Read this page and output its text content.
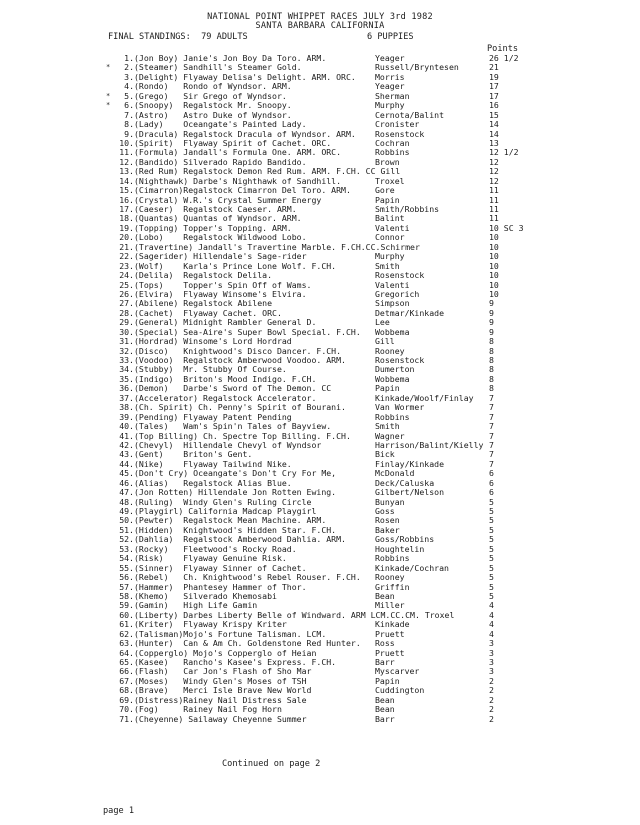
NATIONAL POINT WHIPPET RACES JULY 3rd 1982
SANTA BARBARA CALIFORNIA
FINAL STANDINGS:  79 ADULTS	6 PUPPIES
Points
1. (Jon Boy) Janie's Jon Boy Da Toro. ARM.	Yeager	26 1/2
*	2. (Steamer) Sandhill's Steamer Gold.	Russell/Bryntesen	21
3. (Delight) Flyaway Delisa's Delight. ARM. ORC. Morris	19
4. (Rondo)   Rondo of Wyndsor. ARM.	Yeager	17
*	5. (Grego)   Sir Grego of Wyndsor.	Sherman	17
*	6. (Snoopy)  Regalstock Mr. Snoopy.	Murphy	16
7. (Astro)   Astro Duke of Wyndsor.	Cernota/Balint	15
8. (Lady)    Oceangate's Painted Lady.	Cronister	14
9. (Dracula) Regalstock Dracula of Wyndsor. ARM. Rosenstock	14
10. (Spirit)  Flyaway Spirit of Cachet. ORC.	Cochran	13
11. (Formula) Jandall's Formula One. ARM. ORC.	Robbins	12 1/2
12. (Bandido) Silverado Rapido Bandido.	Brown	12
13. (Red Rum) Regalstock Demon Red Rum. ARM. F.CH. CC Gill	12
14. (Nighthawk) Darbe's Nighthawk of Sandhill.	Troxel	12
15. (Cimarron)Regalstock Cimarron Del Toro. ARM.	Gore	11
16. (Crystal) W.R.'s Crystal Summer Energy	Papin	11
17. (Caeser)  Regalstock Caeser. ARM.	Smith/Robbins	11
18. (Quantas) Quantas of Wyndsor. ARM.	Balint	11
19. (Topping) Topper's Topping. ARM.	Valenti	10 SC 3
20. (Lobo)    Regalstock Wildwood Lobo.	Connor	10
21. (Travertine) Jandall's Travertine Marble. F.CH.CC.Schirmer	10
22. (Sagerider) Hillendale's Sage-rider	Murphy	10
23. (Wolf)    Karla's Prince Lone Wolf. F.CH.	Smith	10
24. (Delila)  Regalstock Delila.	Rosenstock	10
25. (Tops)    Topper's Spin Off of Wams.	Valenti	10
26. (Elvira)  Flyaway Winsome's Elvira.	Gregorich	10
27. (Abilene) Regalstock Abilene	Simpson	9
28. (Cachet)  Flyaway Cachet. ORC.	Detmar/Kinkade	9
29. (General) Midnight Rambler General D.	Lee	9
30. (Special) Sea-Aire's Super Bowl Special. F.CH. Wobbema	9
31. (Hordrad) Winsome's Lord Hordrad	Gill	8
32. (Disco)   Knightwood's Disco Dancer. F.CH.	Rooney	8
33. (Voodoo)  Regalstock Amberwood Voodoo. ARM.	Rosenstock	8
34. (Stubby)  Mr. Stubby Of Course.	Dumerton	8
35. (Indigo)  Briton's Mood Indigo. F.CH.	Wobbema	8
36. (Demon)   Darbe's Sword of The Demon. CC	Papin	8
37. (Accelerator) Regalstock Accelerator.	Kinkade/Woolf/Finlay 7
38. (Ch. Spirit) Ch. Penny's Spirit of Bourani.	Van Wormer	7
39. (Pending) Flyaway Patent Pending	Robbins	7
40. (Tales)   Wam's Spin'n Tales of Bayview.	Smith	7
41. (Top Billing) Ch. Spectre Top Billing. F.CH.	Wagner	7
42. (Chevyl)  Hillendale Chevyl of Wyndsor	Harrison/Balint/Kielly 7
43. (Gent)    Briton's Gent.	Bick	7
44. (Nike)    Flyaway Tailwind Nike.	Finlay/Kinkade	7
45. (Don't Cry) Oceangate's Don't Cry For Me,	McDonald	6
46. (Alias)   Regalstock Alias Blue.	Deck/Caluska	6
47. (Jon Rotten) Hillendale Jon Rotten Ewing.	Gilbert/Nelson	6
48. (Ruling)  Windy Glen's Ruling Circle	Bunyan	5
49. (Playgirl) California Madcap Playgirl	Goss	5
50. (Pewter)  Regalstock Mean Machine. ARM.	Rosen	5
51. (Hidden)  Knightwood's Hidden Star. F.CH.	Baker	5
52. (Dahlia)  Regalstock Amberwood Dahlia. ARM.	Goss/Robbins	5
53. (Rocky)   Fleetwood's Rocky Road.	Houghtelin	5
54. (Risk)    Flyaway Genuine Risk.	Robbins	5
55. (Sinner)  Flyaway Sinner of Cachet.	Kinkade/Cochran	5
56. (Rebel)   Ch. Knightwood's Rebel Rouser. F.CH. Rooney	5
57. (Hammer)  Phantesey Hammer of Thor.	Griffin	5
58. (Khemo)   Silverado Khemosabi	Bean	5
59. (Gamin)   High Life Gamin	Miller	4
60. (Liberty) Darbes Liberty Belle of Windward. ARM LCM.CC.CM. Troxel	4
61. (Kriter)  Flyaway Krispy Kriter	Kinkade	4
62. (Talisman)Mojo's Fortune Talisman. LCM.	Pruett	4
63. (Hunter)  Can & Am Ch. Goldenstone Red Hunter. Ross	3
64. (Copperglo) Mojo's Copperglo of Heian	Pruett	3
65. (Kasee)   Rancho's Kasee's Express. F.CH.	Barr	3
66. (Flash)   Car Jon's Flash of Sho Mar	Myscarver	3
67. (Moses)   Windy Glen's Moses of TSH	Papin	2
68. (Brave)   Merci Isle Brave New World	Cuddington	2
69. (Distress)Rainey Nail Distress Sale	Bean	2
70. (Fog)     Rainey Nail Fog Horn	Bean	2
71. (Cheyenne) Sailaway Cheyenne Summer	Barr	2
Continued on page 2
page 1
